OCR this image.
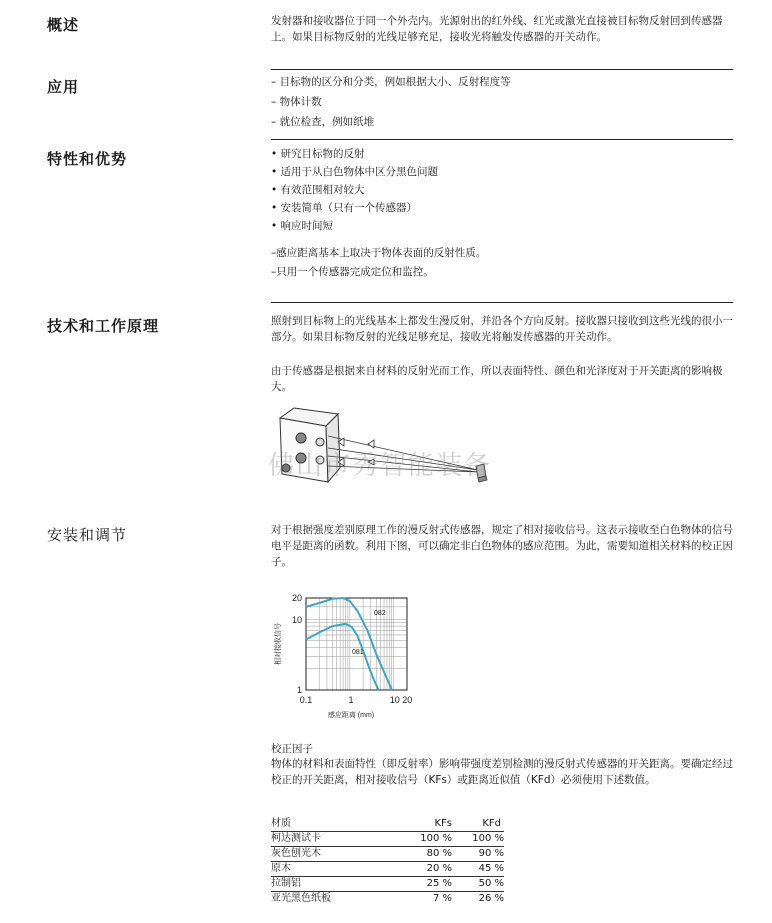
概述	发射器和接收器位于同一个外壳内。光源射出的红外线、红光或激光直接被目标物反射回到传感器上。如果目标物反射的光线足够充足，接收光将触发传感器的开关动作。
应用	– 目标物的区分和分类，例如根据大小、反射程度等
– 物体计数
– 就位检查，例如纸堆
特性和优势	• 研究目标物的反射
• 适用于从白色物体中区分黑色问题
• 有效范围相对较大
• 安装简单（只有一个传感器）
• 响应时间短
–感应距离基本上取决于物体表面的反射性质。
–只用一个传感器完成定位和监控。
技术和工作原理	照射到目标物上的光线基本上都发生漫反射，并沿各个方向反射。接收器只接收到这些光线的很小一部分。如果目标物反射的光线足够充足，接收光将触发传感器的开关动作。
由于传感器是根据来自材料的反射光而工作，所以表面特性、颜色和光泽度对于开关距离的影响极大。
佛山市秀智能装备
安装和调节	对于根据强度差别原理工作的漫反射式传感器，规定了相对接收信号。这表示接收至白色物体的信号电平是距离的函数。利用下图，可以确定非白色物体的感应范围。为此，需要知道相关材料的校正因子。
20
10
1
0.1	1	10 20
感应距离 (mm)
相对接收信号
082
081
校正因子
物体的材料和表面特性（即反射率）影响带强度差别检测的漫反射式传感器的开关距离。要确定经过校正的开关距离，相对接收信号（KFs）或距离近似值（KFd）必须使用下述数值。
材质	KFs	KFd
柯达测试卡	100 %	100 %
灰色刨光木	80 %	90 %
原木	20 %	45 %
拉制铝	25 %	50 %
亚光黑色纸板	7 %	26 %
